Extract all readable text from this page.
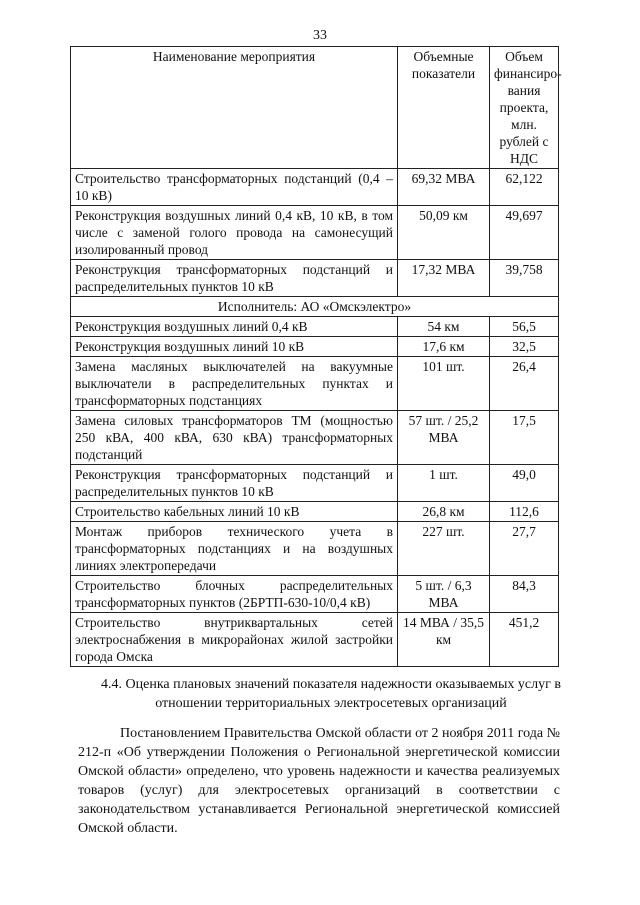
33
Наименование мероприятия	Объемные показатели	Объем финансиро-вания проекта, млн. рублей с НДС
Строительство трансформаторных подстанций (0,4 – 10 кВ)	69,32 МВА	62,122
Реконструкция воздушных линий 0,4 кВ, 10 кВ, в том числе с заменой голого провода на самонесущий изолированный провод	50,09 км	49,697
Реконструкция трансформаторных подстанций и распределительных пунктов 10 кВ	17,32 МВА	39,758
Исполнитель: АО «Омскэлектро»		
Реконструкция воздушных линий 0,4 кВ	54 км	56,5
Реконструкция воздушных линий 10 кВ	17,6 км	32,5
Замена масляных выключателей на вакуумные выключатели в распределительных пунктах и трансформаторных подстанциях	101 шт.	26,4
Замена силовых трансформаторов ТМ (мощностью 250 кВА, 400 кВА, 630 кВА) трансформаторных подстанций	57 шт. / 25,2 МВА	17,5
Реконструкция трансформаторных подстанций и распределительных пунктов 10 кВ	1 шт.	49,0
Строительство кабельных линий 10 кВ	26,8 км	112,6
Монтаж приборов технического учета в трансформаторных подстанциях и на воздушных линиях электропередачи	227 шт.	27,7
Строительство блочных распределительных трансформаторных пунктов (2БРТП-630-10/0,4 кВ)	5 шт. / 6,3 МВА	84,3
Строительство внутриквартальных сетей электроснабжения в микрорайонах жилой застройки города Омска	14 МВА / 35,5 км	451,2
4.4. Оценка плановых значений показателя надежности оказываемых услуг в отношении территориальных электросетевых организаций
Постановлением Правительства Омской области от 2 ноября 2011 года № 212-п «Об утверждении Положения о Региональной энергетической комиссии Омской области» определено, что уровень надежности и качества реализуемых товаров (услуг) для электросетевых организаций в соответствии с законодательством устанавливается Региональной энергетической комиссией Омской области.
